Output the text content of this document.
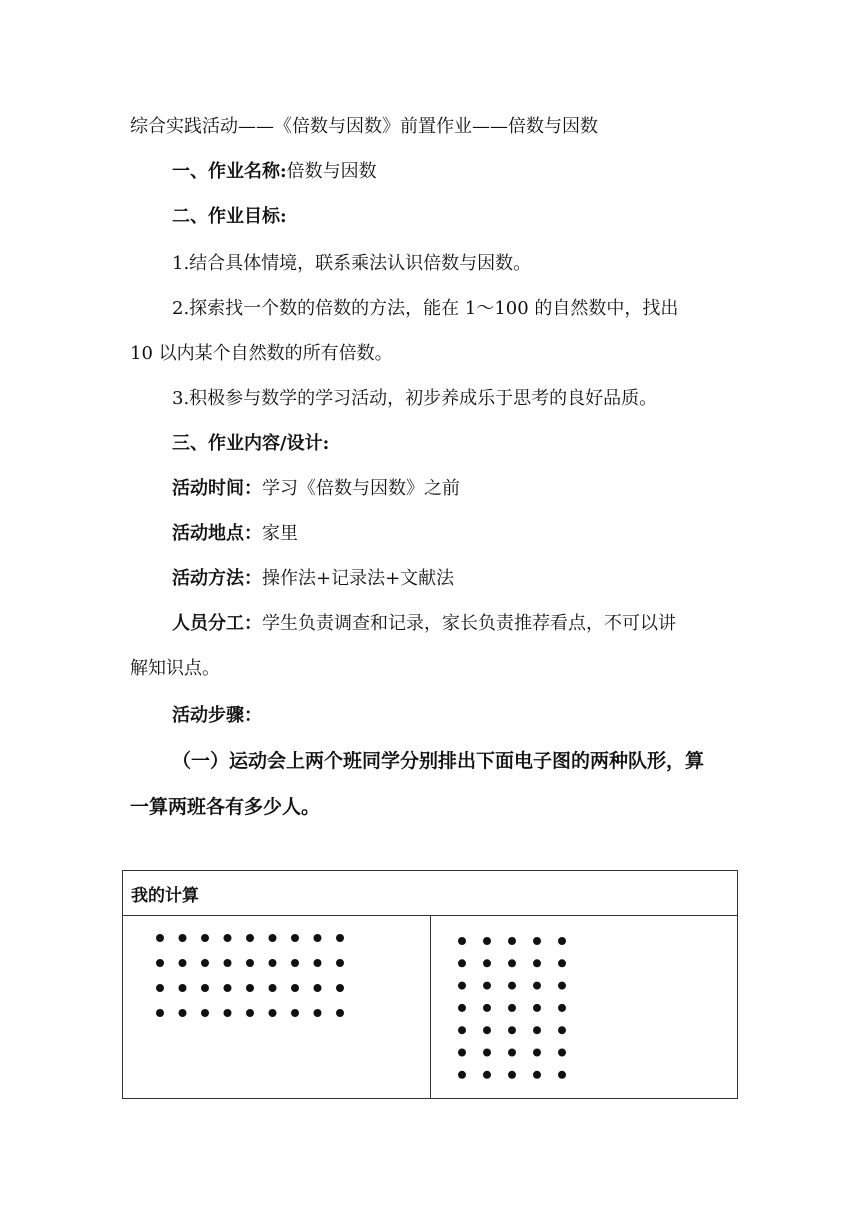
综合实践活动——《倍数与因数》前置作业——倍数与因数
一、作业名称:倍数与因数
二、作业目标:
1.结合具体情境，联系乘法认识倍数与因数。
2.探索找一个数的倍数的方法，能在 1～100 的自然数中，找出
10 以内某个自然数的所有倍数。
3.积极参与数学的学习活动，初步养成乐于思考的良好品质。
三、作业内容/设计:
活动时间：学习《倍数与因数》之前
活动地点：家里
活动方法：操作法+记录法+文献法
人员分工：学生负责调查和记录，家长负责推荐看点，不可以讲
解知识点。
活动步骤：
（一）运动会上两个班同学分别排出下面电子图的两种队形，算
一算两班各有多少人。
我的计算
